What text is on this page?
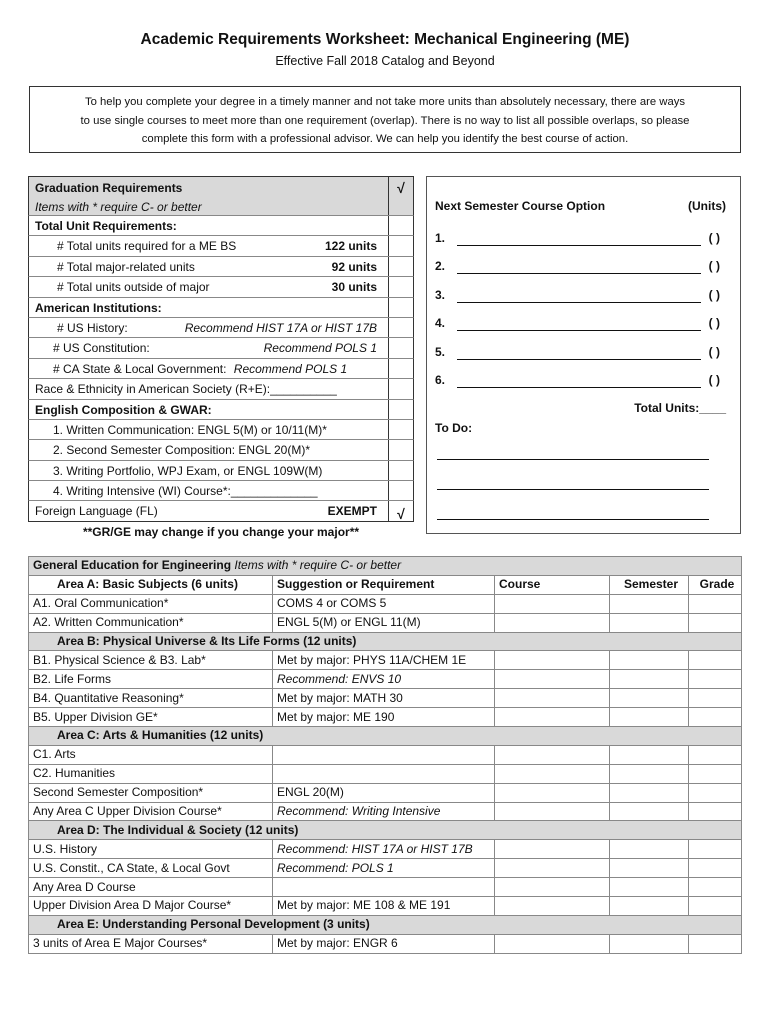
Academic Requirements Worksheet: Mechanical Engineering (ME)
Effective Fall 2018 Catalog and Beyond
To help you complete your degree in a timely manner and not take more units than absolutely necessary, there are ways
to use single courses to meet more than one requirement (overlap). There is no way to list all possible overlaps, so please
complete this form with a professional advisor. We can help you identify the best course of action.
Graduation Requirements
Items with * require C- or better
√
Total Unit Requirements:
# Total units required for a ME BS	122 units
# Total major-related units	92 units
# Total units outside of major	30 units
American Institutions:
# US History:	Recommend HIST 17A or HIST 17B
# US Constitution:	Recommend POLS 1
# CA State & Local Government: Recommend POLS 1
Race & Ethnicity in American Society (R+E):__________
English Composition & GWAR:
1. Written Communication: ENGL 5(M) or 10/11(M)*
2. Second Semester Composition: ENGL 20(M)*
3. Writing Portfolio, WPJ Exam, or ENGL 109W(M)
4. Writing Intensive (WI) Course*:_____________
Foreign Language (FL)	EXEMPT	√
**GR/GE may change if you change your major**
Next Semester Course Option	(Units)
1.	( )
2.	( )
3.	( )
4.	( )
5.	( )
6.	( )
Total Units:____
To Do:
General Education for Engineering Items with * require C- or better				
Area A: Basic Subjects (6 units)	Suggestion or Requirement	Course	Semester	Grade
A1. Oral Communication*	COMS 4 or COMS 5			
A2. Written Communication*	ENGL 5(M) or ENGL 11(M)			
Area B: Physical Universe & Its Life Forms (12 units)				
B1. Physical Science & B3. Lab*	Met by major: PHYS 11A/CHEM 1E			
B2. Life Forms	Recommend: ENVS 10			
B4. Quantitative Reasoning*	Met by major: MATH 30			
B5. Upper Division GE*	Met by major: ME 190			
Area C: Arts & Humanities (12 units)				
C1. Arts				
C2. Humanities				
Second Semester Composition*	ENGL 20(M)			
Any Area C Upper Division Course*	Recommend: Writing Intensive			
Area D: The Individual & Society (12 units)				
U.S. History	Recommend: HIST 17A or HIST 17B			
U.S. Constit., CA State, & Local Govt	Recommend: POLS 1			
Any Area D Course				
Upper Division Area D Major Course*	Met by major: ME 108 & ME 191			
Area E: Understanding Personal Development (3 units)				
3 units of Area E Major Courses*	Met by major: ENGR 6			
